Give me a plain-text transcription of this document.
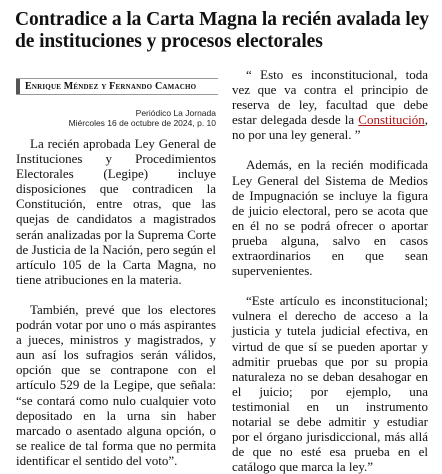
Contradice a la Carta Magna la recién avalada ley de instituciones y procesos electorales
Enrique Méndez y Fernando Camacho
Periódico La Jornada
Miércoles 16 de octubre de 2024, p. 10

La recién aprobada Ley General de Instituciones y Procedimientos Electorales (Legipe) incluye disposiciones que contradicen la Constitución, entre otras, que las quejas de candidatos a magistrados serán analizadas por la Suprema Corte de Justicia de la Nación, pero según el artículo 105 de la Carta Magna, no tiene atribuciones en la materia.

También, prevé que los electores podrán votar por uno o más aspirantes a jueces, ministros y magistrados, y aun así los sufragios serán válidos, opción que se contrapone con el artículo 529 de la Legipe, que señala: “se contará como nulo cualquier voto depositado en la urna sin haber marcado o asentado alguna opción, o se realice de tal forma que no permita identificar el sentido del voto”.

“ Esto es inconstitucional, toda vez que va contra el principio de reserva de ley, facultad que debe estar delegada desde la Constitución, no por una ley general. ”

Además, en la recién modificada Ley General del Sistema de Medios de Impugnación se incluye la figura de juicio electoral, pero se acota que en él no se podrá ofrecer o aportar prueba alguna, salvo en casos extraordinarios en que sean supervenientes.

“Este artículo es inconstitucional; vulnera el derecho de acceso a la justicia y tutela judicial efectiva, en virtud de que sí se pueden aportar y admitir pruebas que por su propia naturaleza no se deban desahogar en el juicio; por ejemplo, una testimonial en un instrumento notarial se debe admitir y estudiar por el órgano jurisdiccional, más allá de que no esté esa prueba en el catálogo que marca la ley.”
